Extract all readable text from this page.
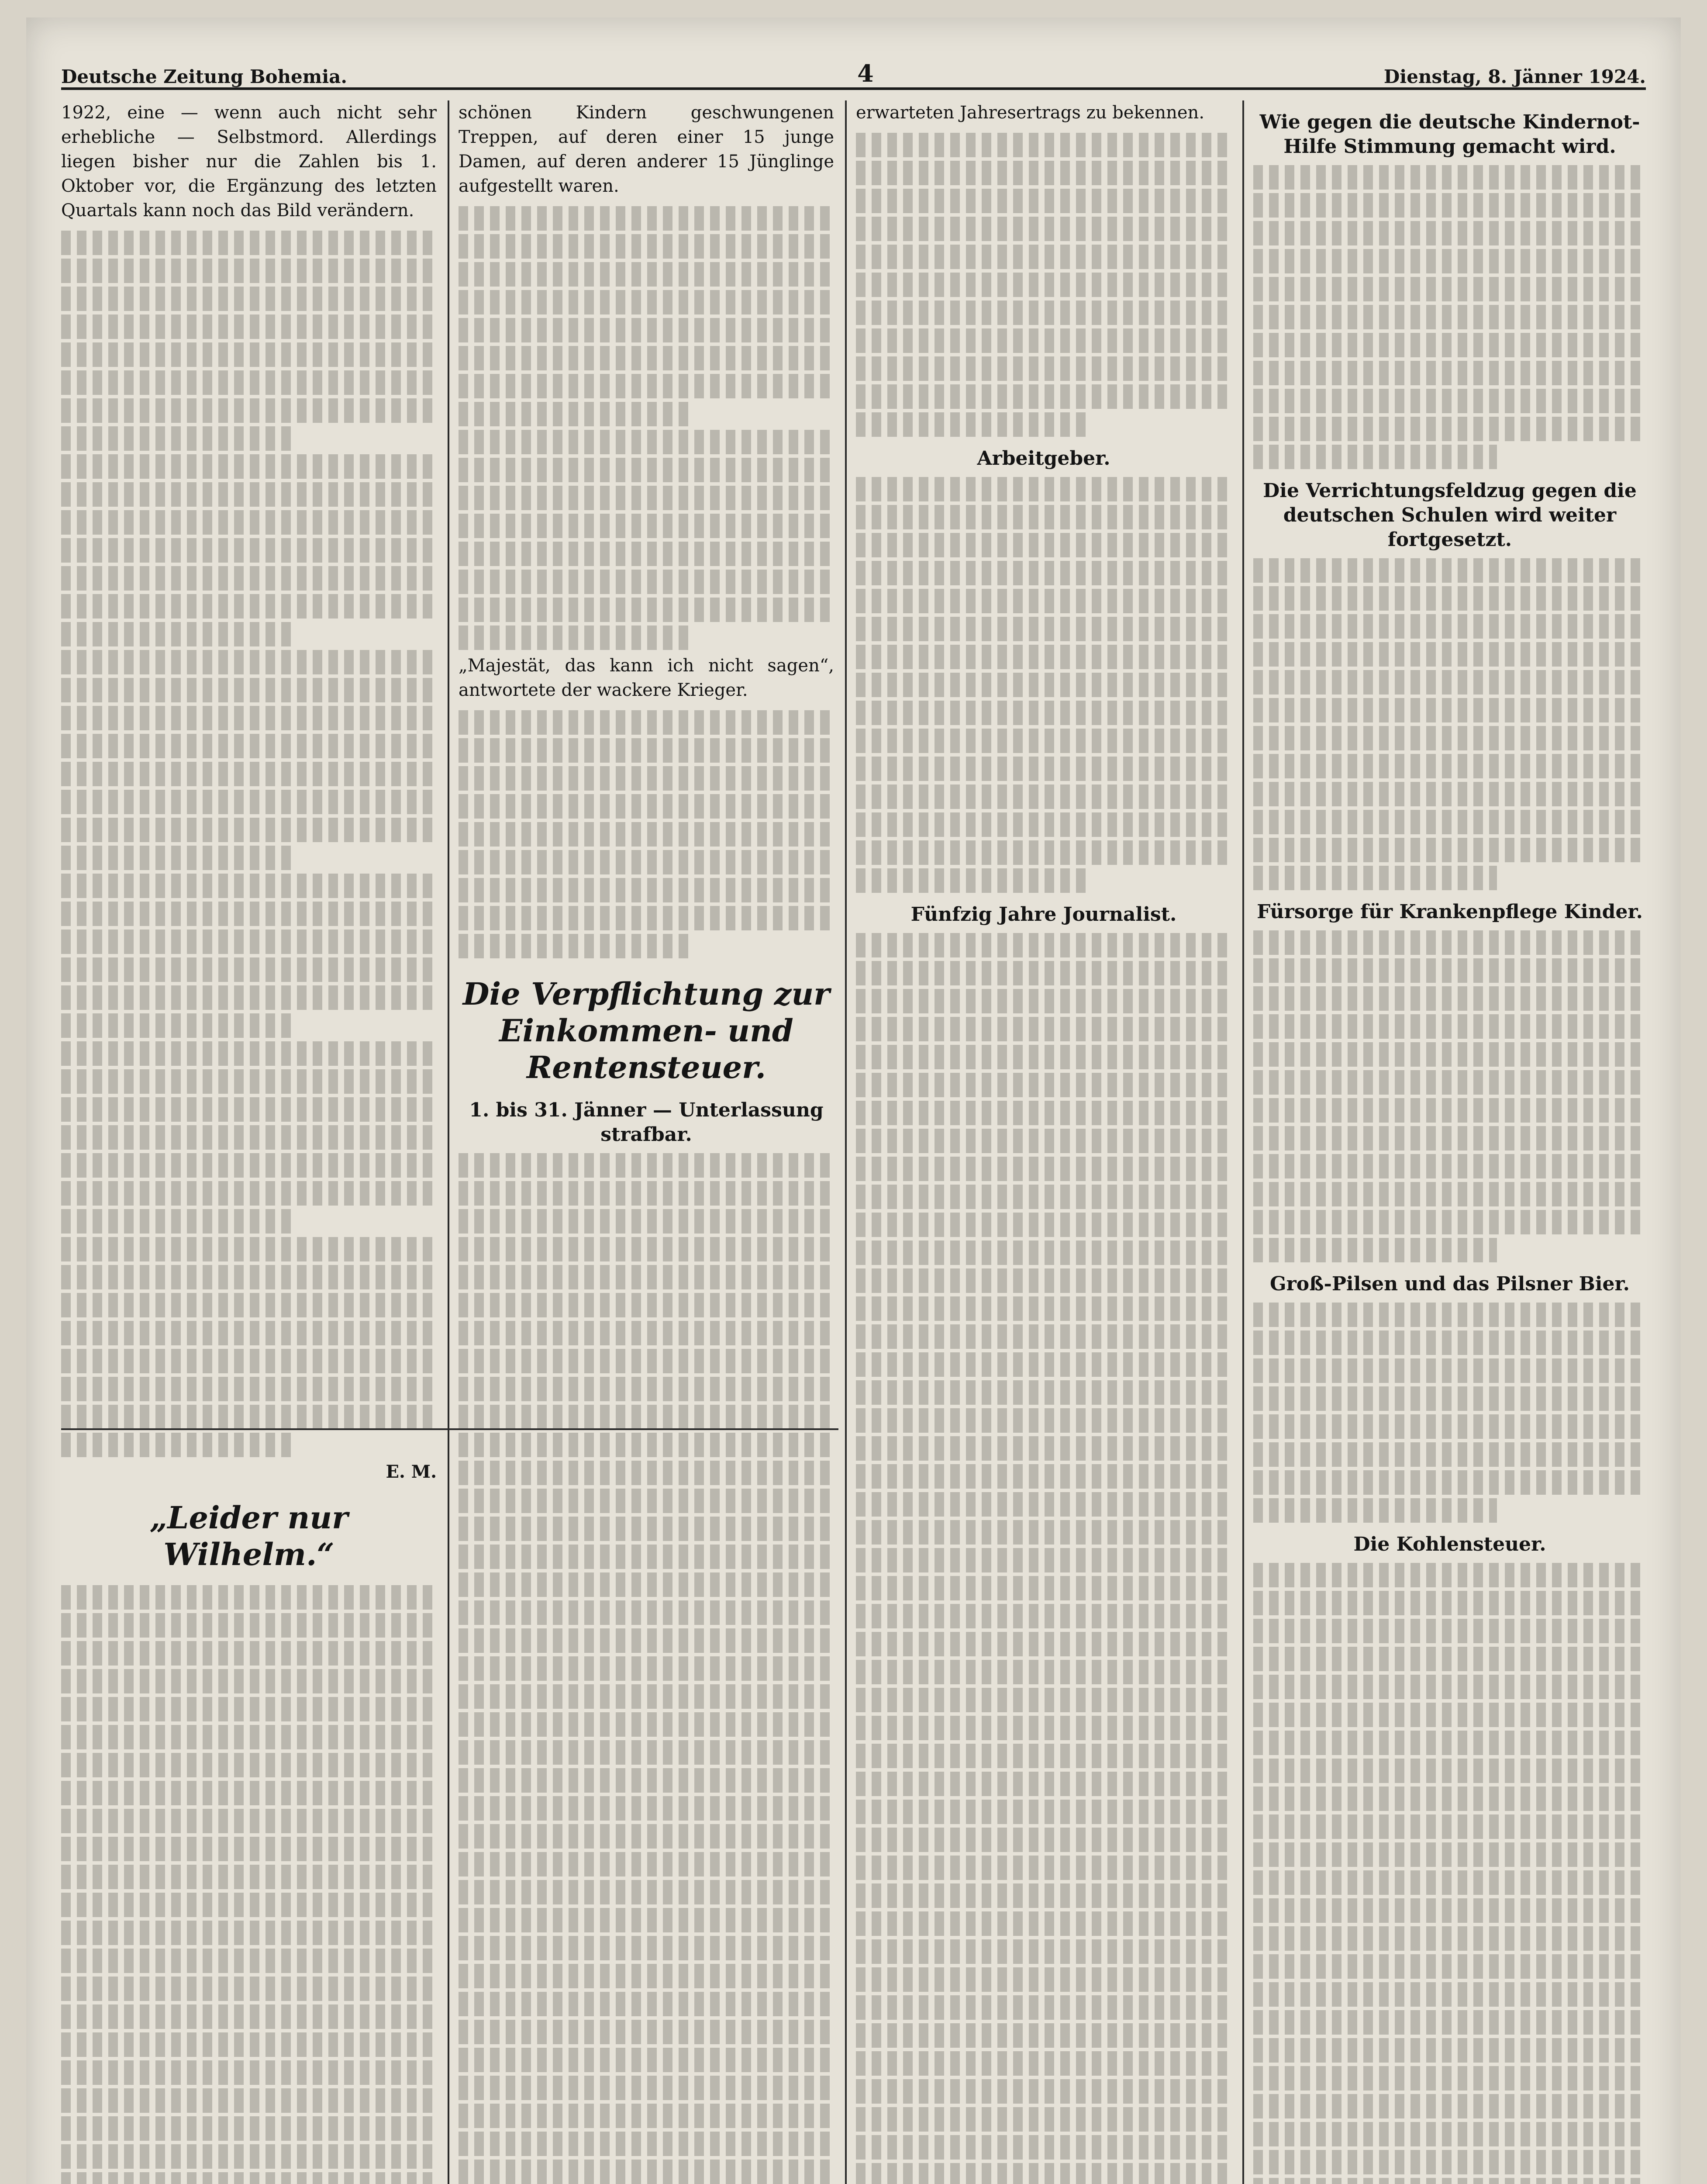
Deutsche Zeitung Bohemia.	4	Dienstag, 8. Jänner 1924.

1922, eine — wenn auch nicht sehr erhebliche — Selbstmord. Allerdings liegen bisher nur die Zahlen bis 1. Oktober vor, die Ergänzung des letzten Quartals kann noch das Bild verändern.

E. M.
„Leider nur Wilhelm.“

schönen Kindern geschwungenen Treppen, auf deren einer 15 junge Damen, auf deren anderer 15 Jünglinge aufgestellt waren.

„Majestät, das kann ich nicht sagen“, antwortete der wackere Krieger.

Die Verpflichtung zur Einkommen- und Rentensteuer.
1. bis 31. Jänner — Unterlassung strafbar.

erwarteten Jahresertrags zu bekennen.

Arbeitgeber.
Fünfzig Jahre Journalist.
Wie gegen die deutsche Kindernot-Hilfe Stimmung gemacht wird.
Die Verrichtungsfeldzug gegen die deutschen Schulen wird weiter fortgesetzt.
Fürsorge für Krankenpflege Kinder.
Groß-Pilsen und das Pilsner Bier.
Die Kohlensteuer.
